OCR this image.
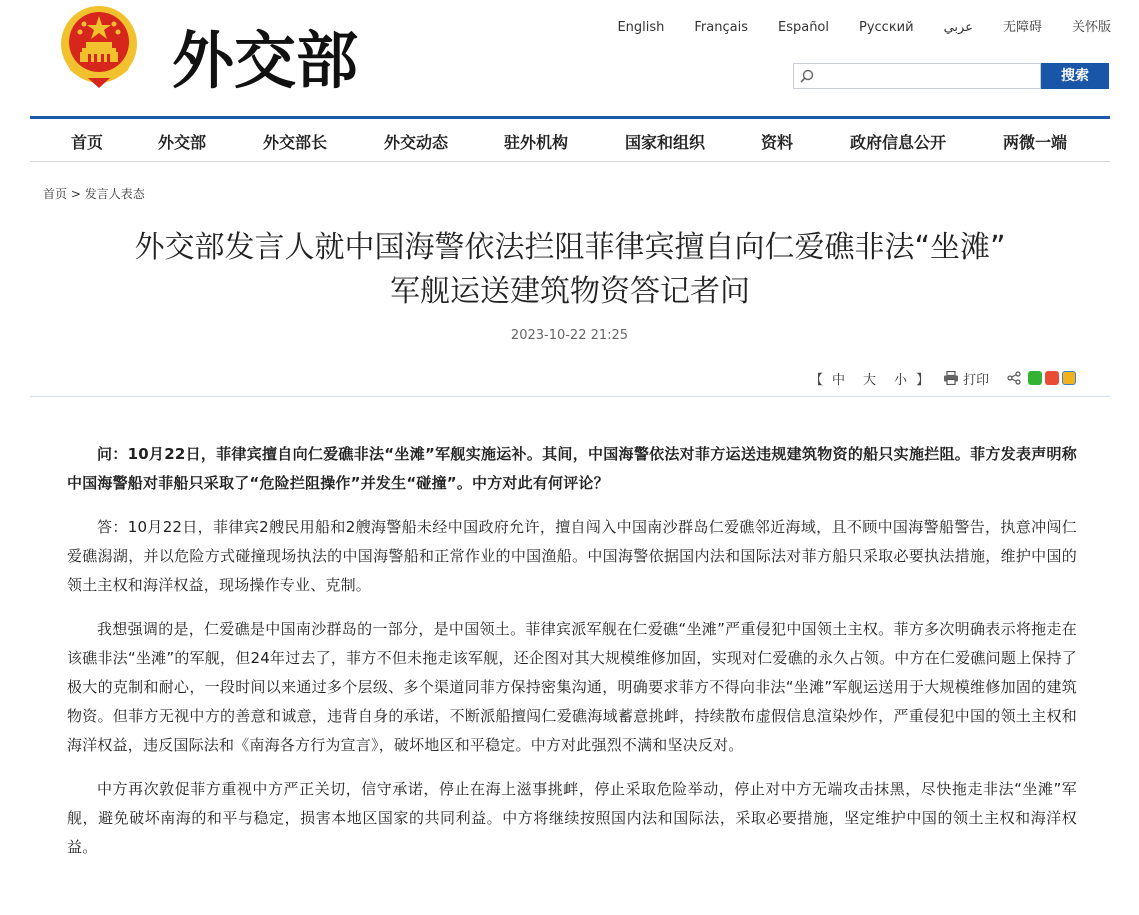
外交部	English Français Español Русский عربي 无障碍 关怀版
搜索
首页	外交部	外交部长	外交动态	驻外机构	国家和组织	资料	政府信息公开	两微一端
首页 > 发言人表态
外交部发言人就中国海警依法拦阻菲律宾擅自向仁爱礁非法“坐滩”
军舰运送建筑物资答记者问
2023-10-22 21:25
【 中 大 小 】	打印

问：10月22日，菲律宾擅自向仁爱礁非法“坐滩”军舰实施运补。其间，中国海警依法对菲方运送违规建筑物资的船只实施拦阻。菲方发表声明称中国海警船对菲船只采取了“危险拦阻操作”并发生“碰撞”。中方对此有何评论？

答：10月22日，菲律宾2艘民用船和2艘海警船未经中国政府允许，擅自闯入中国南沙群岛仁爱礁邻近海域，且不顾中国海警船警告，执意冲闯仁爱礁潟湖，并以危险方式碰撞现场执法的中国海警船和正常作业的中国渔船。中国海警依据国内法和国际法对菲方船只采取必要执法措施，维护中国的领土主权和海洋权益，现场操作专业、克制。

我想强调的是，仁爱礁是中国南沙群岛的一部分，是中国领土。菲律宾派军舰在仁爱礁“坐滩”严重侵犯中国领土主权。菲方多次明确表示将拖走在该礁非法“坐滩”的军舰，但24年过去了，菲方不但未拖走该军舰，还企图对其大规模维修加固，实现对仁爱礁的永久占领。中方在仁爱礁问题上保持了极大的克制和耐心，一段时间以来通过多个层级、多个渠道同菲方保持密集沟通，明确要求菲方不得向非法“坐滩”军舰运送用于大规模维修加固的建筑物资。但菲方无视中方的善意和诚意，违背自身的承诺，不断派船擅闯仁爱礁海域蓄意挑衅，持续散布虚假信息渲染炒作，严重侵犯中国的领土主权和海洋权益，违反国际法和《南海各方行为宣言》，破坏地区和平稳定。中方对此强烈不满和坚决反对。

中方再次敦促菲方重视中方严正关切，信守承诺，停止在海上滋事挑衅，停止采取危险举动，停止对中方无端攻击抹黑，尽快拖走非法“坐滩”军舰，避免破坏南海的和平与稳定，损害本地区国家的共同利益。中方将继续按照国内法和国际法，采取必要措施，坚定维护中国的领土主权和海洋权益。
